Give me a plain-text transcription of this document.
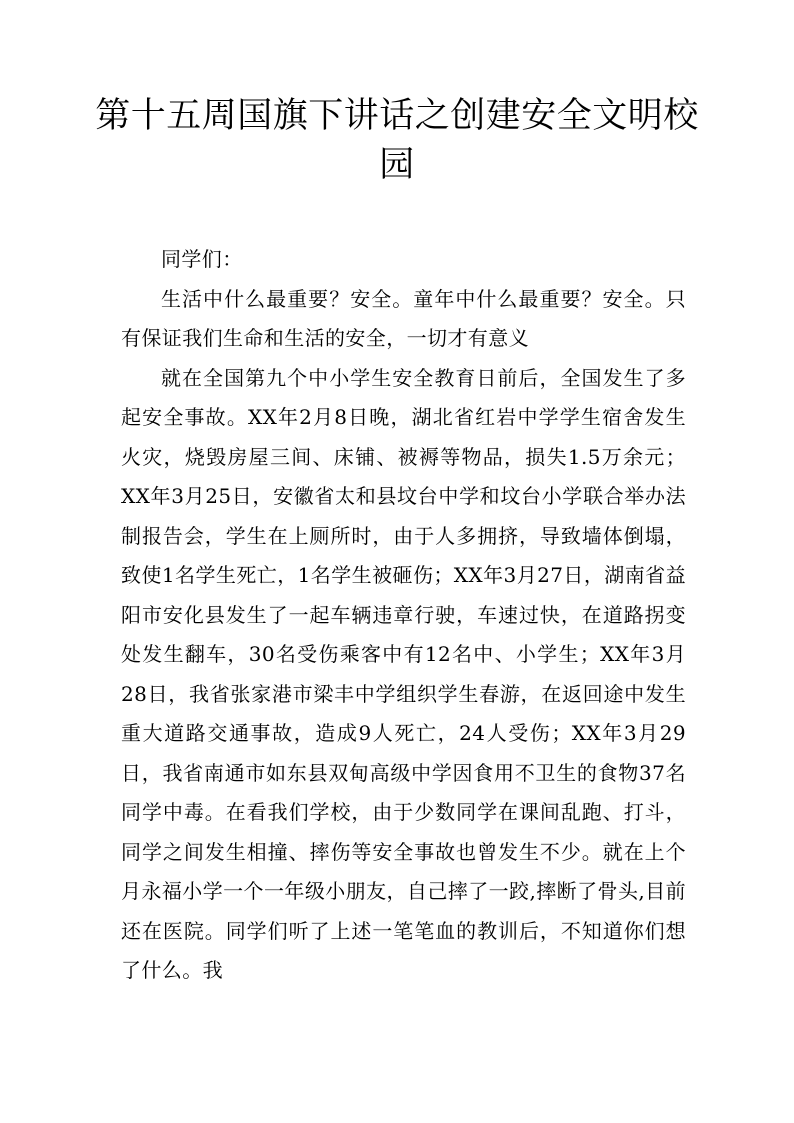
第十五周国旗下讲话之创建安全文明校园

同学们：

生活中什么最重要？安全。童年中什么最重要？安全。只有保证我们生命和生活的安全，一切才有意义

就在全国第九个中小学生安全教育日前后，全国发生了多起安全事故。XX年2月8日晚，湖北省红岩中学学生宿舍发生火灾，烧毁房屋三间、床铺、被褥等物品，损失1.5万余元；XX年3月25日，安徽省太和县坟台中学和坟台小学联合举办法制报告会，学生在上厕所时，由于人多拥挤，导致墙体倒塌，致使1名学生死亡，1名学生被砸伤；XX年3月27日，湖南省益阳市安化县发生了一起车辆违章行驶，车速过快，在道路拐变处发生翻车，30名受伤乘客中有12名中、小学生；XX年3月28日，我省张家港市梁丰中学组织学生春游，在返回途中发生重大道路交通事故，造成9人死亡，24人受伤；XX年3月29日，我省南通市如东县双甸高级中学因食用不卫生的食物37名同学中毒。在看我们学校，由于少数同学在课间乱跑、打斗，同学之间发生相撞、摔伤等安全事故也曾发生不少。就在上个月永福小学一个一年级小朋友，自己摔了一跤,摔断了骨头,目前还在医院。同学们听了上述一笔笔血的教训后，不知道你们想了什么。我
